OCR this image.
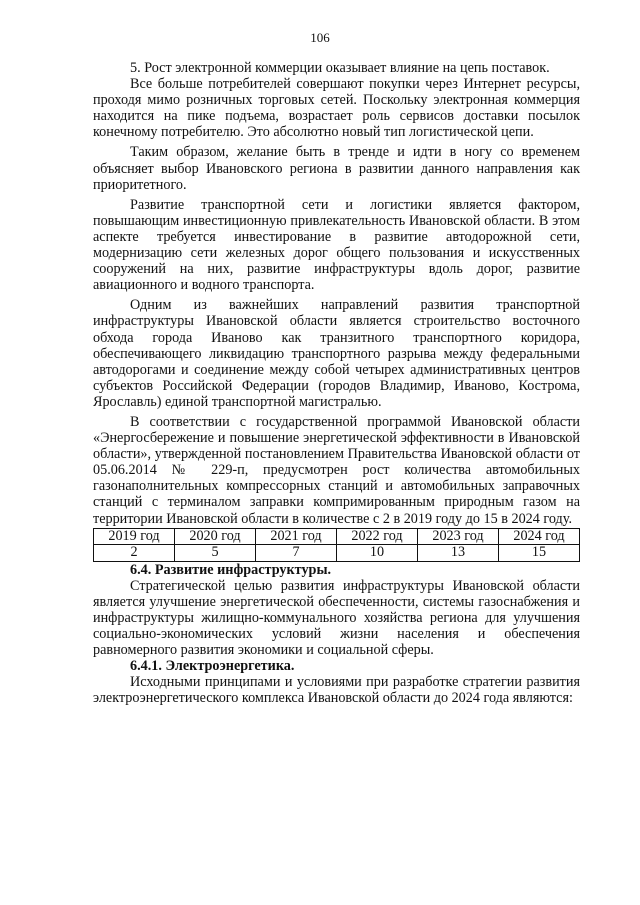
106

5. Рост электронной коммерции оказывает влияние на цепь поставок.

Все больше потребителей совершают покупки через Интернет ресурсы, проходя мимо розничных торговых сетей. Поскольку электронная коммерция находится на пике подъема, возрастает роль сервисов доставки посылок конечному потребителю. Это абсолютно новый тип логистической цепи.

Таким образом, желание быть в тренде и идти в ногу со временем объясняет выбор Ивановского региона в развитии данного направления как приоритетного.

Развитие транспортной сети и логистики является фактором, повышающим инвестиционную привлекательность Ивановской области. В этом аспекте требуется инвестирование в развитие автодорожной сети, модернизацию сети железных дорог общего пользования и искусственных сооружений на них, развитие инфраструктуры вдоль дорог, развитие авиационного и водного транспорта.

Одним из важнейших направлений развития транспортной инфраструктуры Ивановской области является строительство восточного обхода города Иваново как транзитного транспортного коридора, обеспечивающего ликвидацию транспортного разрыва между федеральными автодорогами и соединение между собой четырех административных центров субъектов Российской Федерации (городов Владимир, Иваново, Кострома, Ярославль) единой транспортной магистралью.

В соответствии с государственной программой Ивановской области «Энергосбережение и повышение энергетической эффективности в Ивановской области», утвержденной постановлением Правительства Ивановской области от 05.06.2014 № 229-п, предусмотрен рост количества автомобильных газонаполнительных компрессорных станций и автомобильных заправочных станций с терминалом заправки компримированным природным газом на территории Ивановской области в количестве с 2 в 2019 году до 15 в 2024 году.

2019 год	2020 год	2021 год	2022 год	2023 год	2024 год
2	5	7	10	13	15

6.4. Развитие инфраструктуры.

Стратегической целью развития инфраструктуры Ивановской области является улучшение энергетической обеспеченности, системы газоснабжения и инфраструктуры жилищно-коммунального хозяйства региона для улучшения социально-экономических условий жизни населения и обеспечения равномерного развития экономики и социальной сферы.

6.4.1. Электроэнергетика.

Исходными принципами и условиями при разработке стратегии развития электроэнергетического комплекса Ивановской области до 2024 года являются:
